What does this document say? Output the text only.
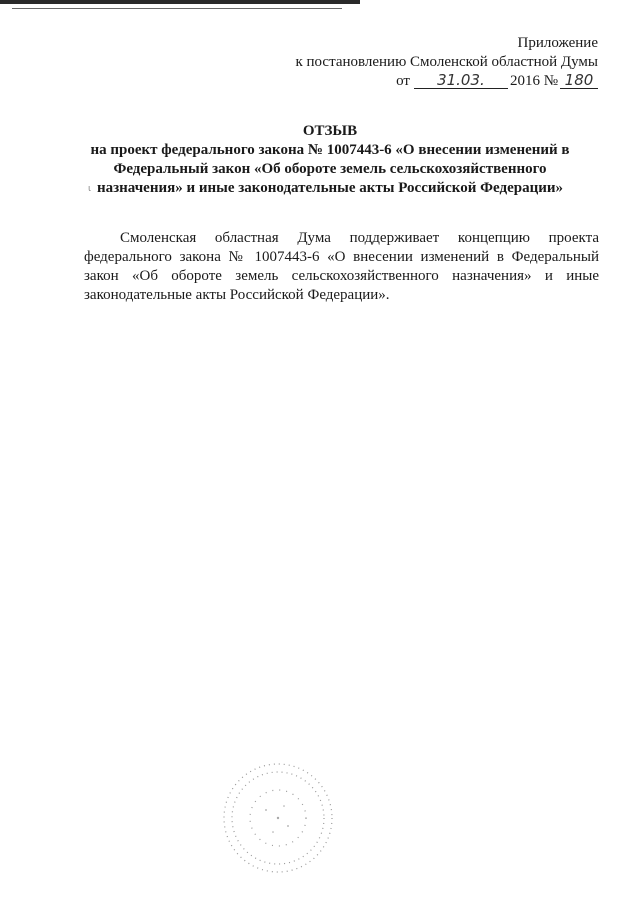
Приложение
к постановлению Смоленской областной Думы
от 31.03. 2016 № 180
ОТЗЫВ
на проект федерального закона № 1007443-6 «О внесении изменений в Федеральный закон «Об обороте земель сельскохозяйственного назначения» и иные законодательные акты Российской Федерации»
ι
Смоленская областная Дума поддерживает концепцию проекта федерального закона № 1007443-6 «О внесении изменений в Федеральный закон «Об обороте земель сельскохозяйственного назначения» и иные законодательные акты Российской Федерации».
